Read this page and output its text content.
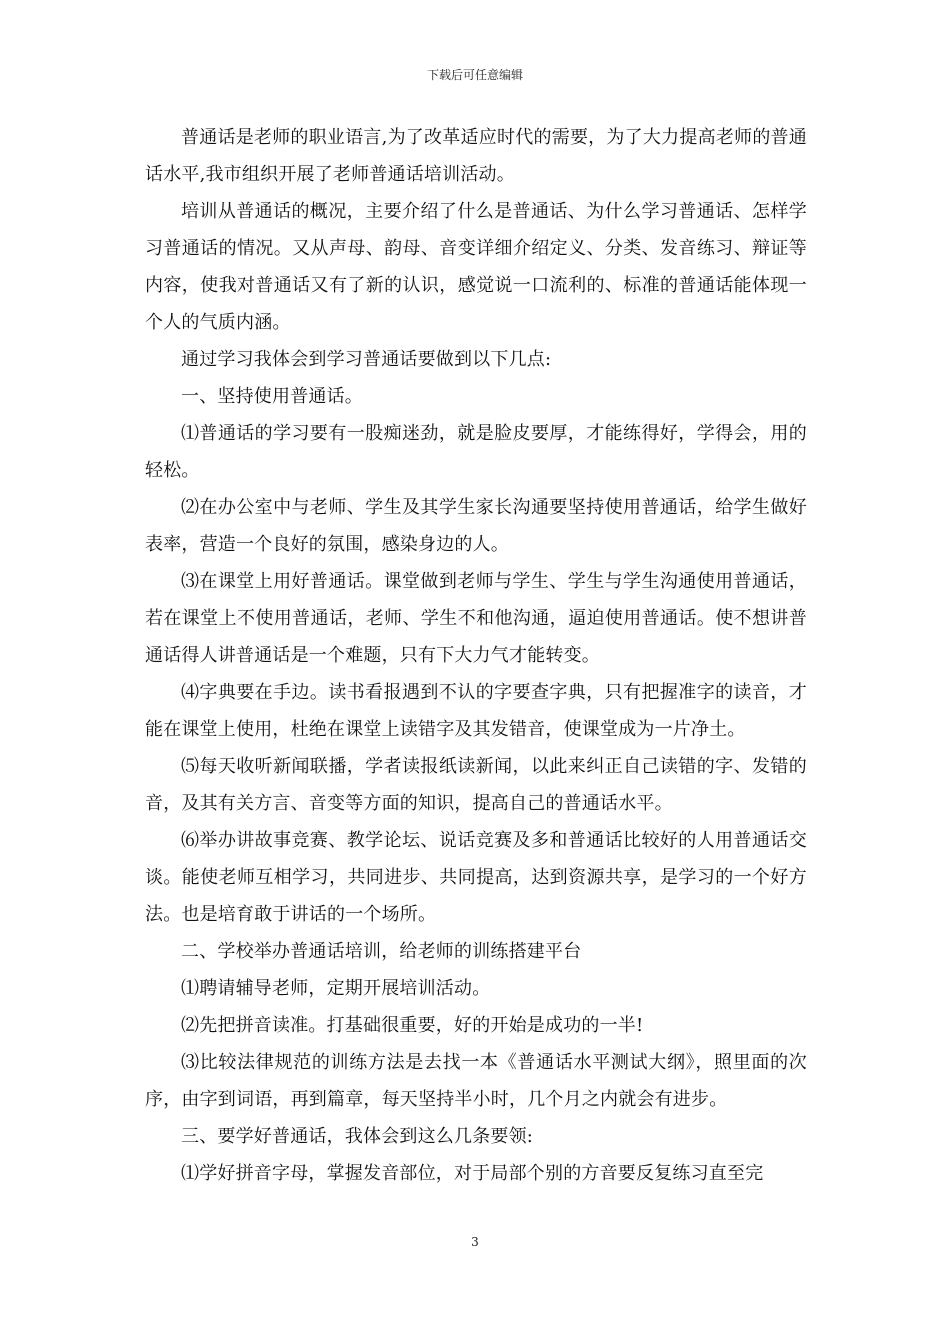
下载后可任意编辑

普通话是老师的职业语言,为了改革适应时代的需要，为了大力提高老师的普通话水平,我市组织开展了老师普通话培训活动。

培训从普通话的概况，主要介绍了什么是普通话、为什么学习普通话、怎样学习普通话的情况。又从声母、韵母、音变详细介绍定义、分类、发音练习、辩证等内容，使我对普通话又有了新的认识，感觉说一口流利的、标准的普通话能体现一个人的气质内涵。

通过学习我体会到学习普通话要做到以下几点:

一、坚持使用普通话。

⑴普通话的学习要有一股痴迷劲，就是脸皮要厚，才能练得好，学得会，用的轻松。

⑵在办公室中与老师、学生及其学生家长沟通要坚持使用普通话，给学生做好表率，营造一个良好的氛围，感染身边的人。

⑶在课堂上用好普通话。课堂做到老师与学生、学生与学生沟通使用普通话，若在课堂上不使用普通话，老师、学生不和他沟通，逼迫使用普通话。使不想讲普通话得人讲普通话是一个难题，只有下大力气才能转变。

⑷字典要在手边。读书看报遇到不认的字要查字典，只有把握准字的读音，才能在课堂上使用，杜绝在课堂上读错字及其发错音，使课堂成为一片净土。

⑸每天收听新闻联播，学者读报纸读新闻，以此来纠正自己读错的字、发错的音，及其有关方言、音变等方面的知识，提高自己的普通话水平。

⑹举办讲故事竞赛、教学论坛、说话竞赛及多和普通话比较好的人用普通话交谈。能使老师互相学习，共同进步、共同提高，达到资源共享，是学习的一个好方法。也是培育敢于讲话的一个场所。

二、学校举办普通话培训，给老师的训练搭建平台

⑴聘请辅导老师，定期开展培训活动。

⑵先把拼音读准。打基础很重要，好的开始是成功的一半!

⑶比较法律规范的训练方法是去找一本《普通话水平测试大纲》，照里面的次序，由字到词语，再到篇章，每天坚持半小时，几个月之内就会有进步。

三、要学好普通话，我体会到这么几条要领:

⑴学好拼音字母，掌握发音部位，对于局部个别的方音要反复练习直至完

3
